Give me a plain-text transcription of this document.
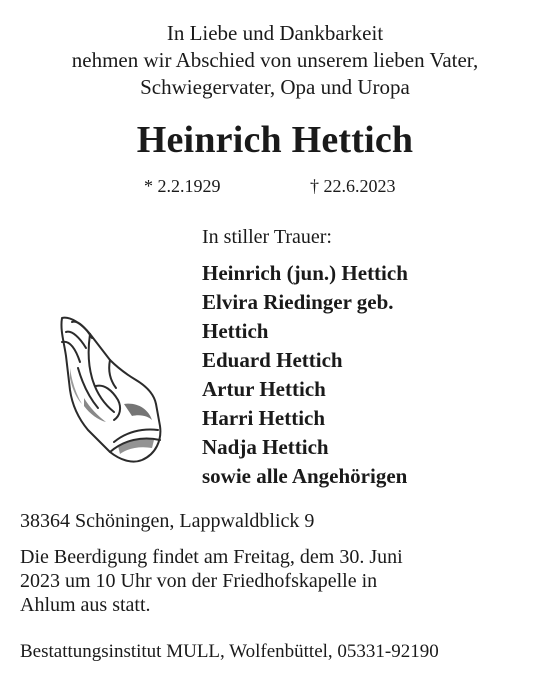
In Liebe und Dankbarkeit
nehmen wir Abschied von unserem lieben Vater,
Schwiegervater, Opa und Uropa
Heinrich Hettich
* 2.2.1929	† 22.6.2023
In stiller Trauer:
Heinrich (jun.) Hettich
Elvira Riedinger geb.
Hettich
Eduard Hettich
Artur Hettich
Harri Hettich
Nadja Hettich
sowie alle Angehörigen
38364 Schöningen, Lappwaldblick 9
Die Beerdigung findet am Freitag, dem 30. Juni
2023 um 10 Uhr von der Friedhofskapelle in
Ahlum aus statt.
Bestattungsinstitut MULL, Wolfenbüttel, 05331-92190
